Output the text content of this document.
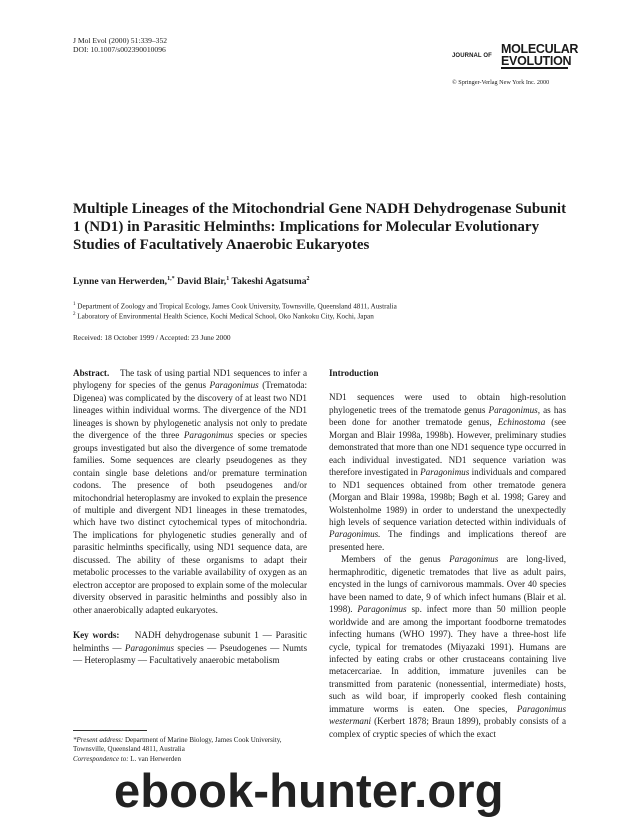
J Mol Evol (2000) 51:339–352
DOI: 10.1007/s002390010096
JOURNAL OF MOLECULAR
EVOLUTION
© Springer-Verlag New York Inc. 2000
Multiple Lineages of the Mitochondrial Gene NADH Dehydrogenase Subunit 1 (ND1) in Parasitic Helminths: Implications for Molecular Evolutionary Studies of Facultatively Anaerobic Eukaryotes
Lynne van Herwerden,$^{1,*}$ David Blair,$^1$ Takeshi Agatsuma$^2$
$^1$ Department of Zoology and Tropical Ecology, James Cook University, Townsville, Queensland 4811, Australia
$^2$ Laboratory of Environmental Health Science, Kochi Medical School, Oko Nankoku City, Kochi, Japan
Received: 18 October 1999 / Accepted: 23 June 2000

Abstract. The task of using partial ND1 sequences to infer a phylogeny for species of the genus Paragonimus (Trematoda: Digenea) was complicated by the discovery of at least two ND1 lineages within individual worms. The divergence of the ND1 lineages is shown by phylogenetic analysis not only to predate the divergence of the three Paragonimus species or species groups investigated but also the divergence of some trematode families. Some sequences are clearly pseudogenes as they contain single base deletions and/or premature termination codons. The presence of both pseudogenes and/or mitochondrial heteroplasmy are invoked to explain the presence of multiple and divergent ND1 lineages in these trematodes, which have two distinct cytochemical types of mitochondria. The implications for phylogenetic studies generally and of parasitic helminths specifically, using ND1 sequence data, are discussed. The ability of these organisms to adapt their metabolic processes to the variable availability of oxygen as an electron acceptor are proposed to explain some of the molecular diversity observed in parasitic helminths and possibly also in other anaerobically adapted eukaryotes.

Key words: NADH dehydrogenase subunit 1 — Parasitic helminths — Paragonimus species — Pseudogenes — Numts — Heteroplasmy — Facultatively anaerobic metabolism

*Present address: Department of Marine Biology, James Cook University, Townsville, Queensland 4811, Australia
Correspondence to: L. van Herwerden

Introduction

ND1 sequences were used to obtain high-resolution phylogenetic trees of the trematode genus Paragonimus, as has been done for another trematode genus, Echinostoma (see Morgan and Blair 1998a, 1998b). However, preliminary studies demonstrated that more than one ND1 sequence type occurred in each individual investigated. ND1 sequence variation was therefore investigated in Paragonimus individuals and compared to ND1 sequences obtained from other trematode genera (Morgan and Blair 1998a, 1998b; Bøgh et al. 1998; Garey and Wolstenholme 1989) in order to understand the unexpectedly high levels of sequence variation detected within individuals of Paragonimus. The findings and implications thereof are presented here.

Members of the genus Paragonimus are long-lived, hermaphroditic, digenetic trematodes that live as adult pairs, encysted in the lungs of carnivorous mammals. Over 40 species have been named to date, 9 of which infect humans (Blair et al. 1998). Paragonimus sp. infect more than 50 million people worldwide and are among the important foodborne trematodes infecting humans (WHO 1997). They have a three-host life cycle, typical for trematodes (Miyazaki 1991). Humans are infected by eating crabs or other crustaceans containing live metacercariae. In addition, immature juveniles can be transmitted from paratenic (nonessential, intermediate) hosts, such as wild boar, if improperly cooked flesh containing immature worms is eaten. One species, Paragonimus westermani (Kerbert 1878; Braun 1899), probably consists of a complex of cryptic species of which the exact

ebook-hunter.org
